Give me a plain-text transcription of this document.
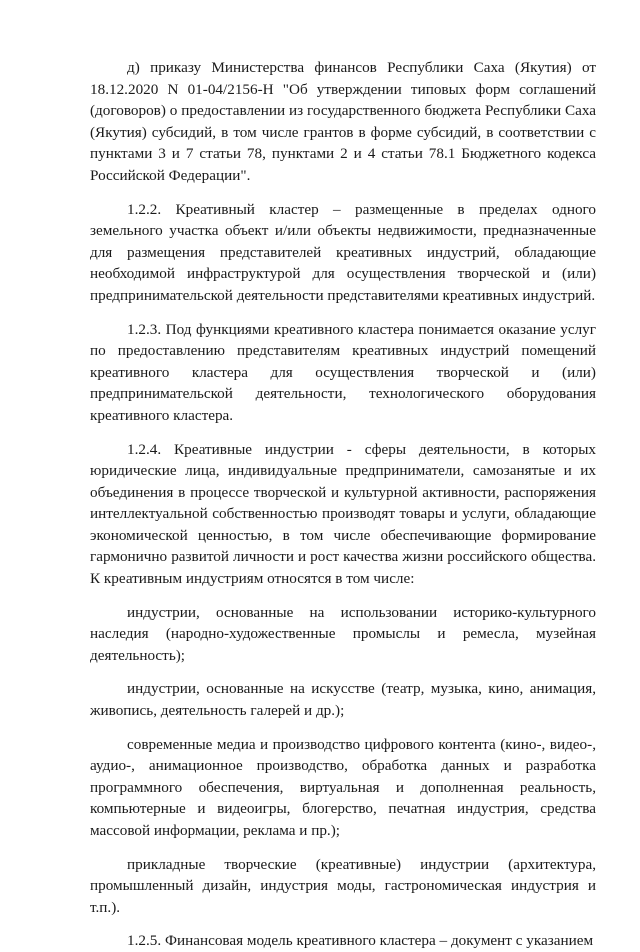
д) приказу Министерства финансов Республики Саха (Якутия) от 18.12.2020 N 01-04/2156-Н "Об утверждении типовых форм соглашений (договоров) о предоставлении из государственного бюджета Республики Саха (Якутия) субсидий, в том числе грантов в форме субсидий, в соответствии с пунктами 3 и 7 статьи 78, пунктами 2 и 4 статьи 78.1 Бюджетного кодекса Российской Федерации".

1.2.2. Креативный кластер – размещенные в пределах одного земельного участка объект и/или объекты недвижимости, предназначенные для размещения представителей креативных индустрий, обладающие необходимой инфраструктурой для осуществления творческой и (или) предпринимательской деятельности представителями креативных индустрий.

1.2.3. Под функциями креативного кластера понимается оказание услуг по предоставлению представителям креативных индустрий помещений креативного кластера для осуществления творческой и (или) предпринимательской деятельности, технологического оборудования креативного кластера.

1.2.4. Креативные индустрии - сферы деятельности, в которых юридические лица, индивидуальные предприниматели, самозанятые и их объединения в процессе творческой и культурной активности, распоряжения интеллектуальной собственностью производят товары и услуги, обладающие экономической ценностью, в том числе обеспечивающие формирование гармонично развитой личности и рост качества жизни российского общества. К креативным индустриям относятся в том числе:

индустрии, основанные на использовании историко-культурного наследия (народно-художественные промыслы и ремесла, музейная деятельность);

индустрии, основанные на искусстве (театр, музыка, кино, анимация, живопись, деятельность галерей и др.);

современные медиа и производство цифрового контента (кино-, видео-, аудио-, анимационное производство, обработка данных и разработка программного обеспечения, виртуальная и дополненная реальность, компьютерные и видеоигры, блогерство, печатная индустрия, средства массовой информации, реклама и пр.);

прикладные творческие (креативные) индустрии (архитектура, промышленный дизайн, индустрия моды, гастрономическая индустрия и т.п.).

1.2.5. Финансовая модель креативного кластера – документ с указанием
